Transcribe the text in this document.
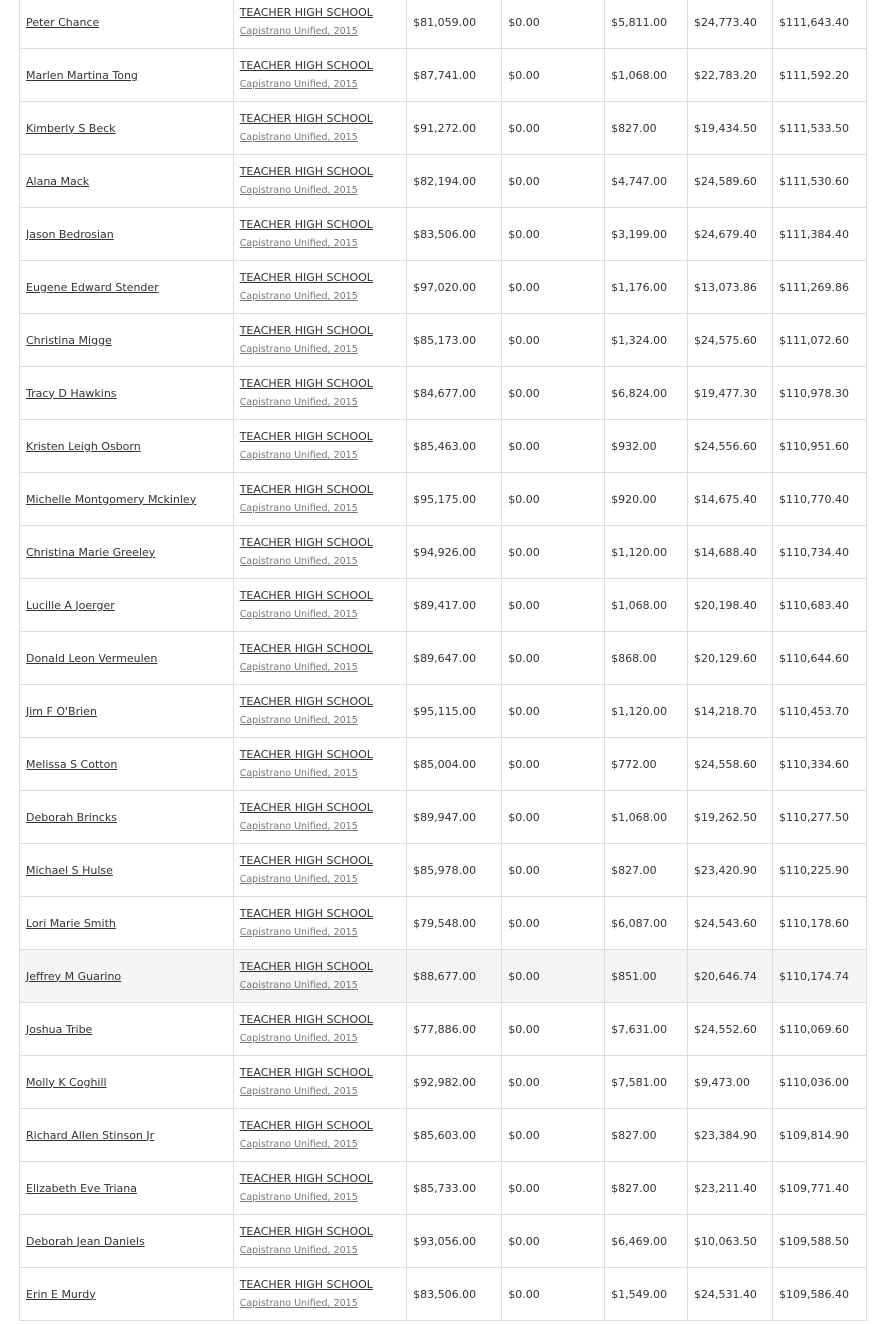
Peter Chance	TEACHER HIGH SCHOOL
Capistrano Unified, 2015	$81,059.00	$0.00	$5,811.00	$24,773.40	$111,643.40
Marlen Martina Tong	TEACHER HIGH SCHOOL
Capistrano Unified, 2015	$87,741.00	$0.00	$1,068.00	$22,783.20	$111,592.20
Kimberly S Beck	TEACHER HIGH SCHOOL
Capistrano Unified, 2015	$91,272.00	$0.00	$827.00	$19,434.50	$111,533.50
Alana Mack	TEACHER HIGH SCHOOL
Capistrano Unified, 2015	$82,194.00	$0.00	$4,747.00	$24,589.60	$111,530.60
Jason Bedrosian	TEACHER HIGH SCHOOL
Capistrano Unified, 2015	$83,506.00	$0.00	$3,199.00	$24,679.40	$111,384.40
Eugene Edward Stender	TEACHER HIGH SCHOOL
Capistrano Unified, 2015	$97,020.00	$0.00	$1,176.00	$13,073.86	$111,269.86
Christina Migge	TEACHER HIGH SCHOOL
Capistrano Unified, 2015	$85,173.00	$0.00	$1,324.00	$24,575.60	$111,072.60
Tracy D Hawkins	TEACHER HIGH SCHOOL
Capistrano Unified, 2015	$84,677.00	$0.00	$6,824.00	$19,477.30	$110,978.30
Kristen Leigh Osborn	TEACHER HIGH SCHOOL
Capistrano Unified, 2015	$85,463.00	$0.00	$932.00	$24,556.60	$110,951.60
Michelle Montgomery Mckinley	TEACHER HIGH SCHOOL
Capistrano Unified, 2015	$95,175.00	$0.00	$920.00	$14,675.40	$110,770.40
Christina Marie Greeley	TEACHER HIGH SCHOOL
Capistrano Unified, 2015	$94,926.00	$0.00	$1,120.00	$14,688.40	$110,734.40
Lucille A Joerger	TEACHER HIGH SCHOOL
Capistrano Unified, 2015	$89,417.00	$0.00	$1,068.00	$20,198.40	$110,683.40
Donald Leon Vermeulen	TEACHER HIGH SCHOOL
Capistrano Unified, 2015	$89,647.00	$0.00	$868.00	$20,129.60	$110,644.60
Jim F O'Brien	TEACHER HIGH SCHOOL
Capistrano Unified, 2015	$95,115.00	$0.00	$1,120.00	$14,218.70	$110,453.70
Melissa S Cotton	TEACHER HIGH SCHOOL
Capistrano Unified, 2015	$85,004.00	$0.00	$772.00	$24,558.60	$110,334.60
Deborah Brincks	TEACHER HIGH SCHOOL
Capistrano Unified, 2015	$89,947.00	$0.00	$1,068.00	$19,262.50	$110,277.50
Michael S Hulse	TEACHER HIGH SCHOOL
Capistrano Unified, 2015	$85,978.00	$0.00	$827.00	$23,420.90	$110,225.90
Lori Marie Smith	TEACHER HIGH SCHOOL
Capistrano Unified, 2015	$79,548.00	$0.00	$6,087.00	$24,543.60	$110,178.60
Jeffrey M Guarino	TEACHER HIGH SCHOOL
Capistrano Unified, 2015	$88,677.00	$0.00	$851.00	$20,646.74	$110,174.74
Joshua Tribe	TEACHER HIGH SCHOOL
Capistrano Unified, 2015	$77,886.00	$0.00	$7,631.00	$24,552.60	$110,069.60
Molly K Coghill	TEACHER HIGH SCHOOL
Capistrano Unified, 2015	$92,982.00	$0.00	$7,581.00	$9,473.00	$110,036.00
Richard Allen Stinson Jr	TEACHER HIGH SCHOOL
Capistrano Unified, 2015	$85,603.00	$0.00	$827.00	$23,384.90	$109,814.90
Elizabeth Eve Triana	TEACHER HIGH SCHOOL
Capistrano Unified, 2015	$85,733.00	$0.00	$827.00	$23,211.40	$109,771.40
Deborah Jean Daniels	TEACHER HIGH SCHOOL
Capistrano Unified, 2015	$93,056.00	$0.00	$6,469.00	$10,063.50	$109,588.50
Erin E Murdy	TEACHER HIGH SCHOOL
Capistrano Unified, 2015	$83,506.00	$0.00	$1,549.00	$24,531.40	$109,586.40
